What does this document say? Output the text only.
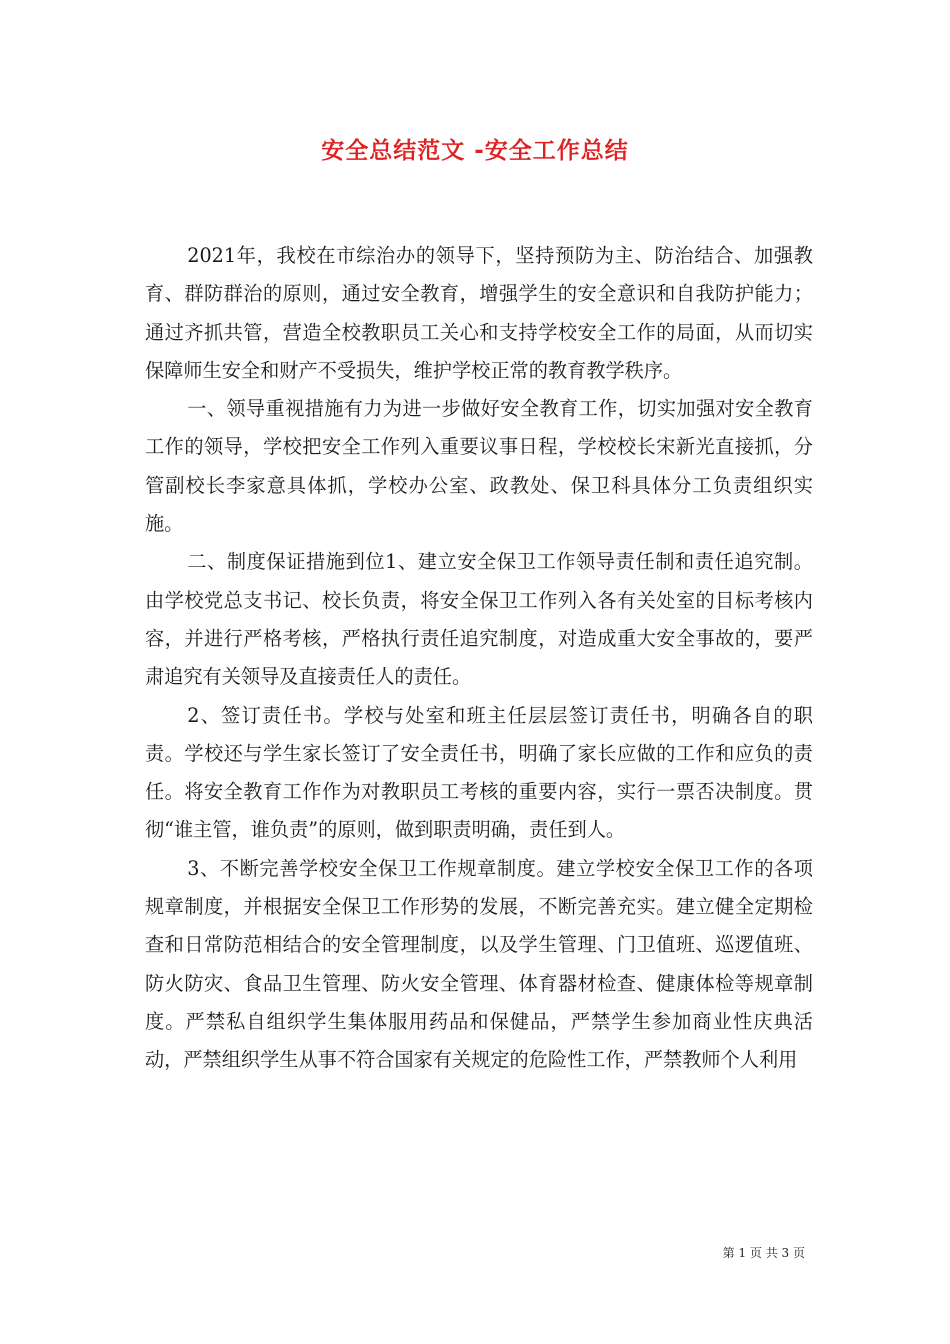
安全总结范文 -安全工作总结

2021年，我校在市综治办的领导下，坚持预防为主、防治结合、加强教育、群防群治的原则，通过安全教育，增强学生的安全意识和自我防护能力；通过齐抓共管，营造全校教职员工关心和支持学校安全工作的局面，从而切实保障师生安全和财产不受损失，维护学校正常的教育教学秩序。

一、领导重视措施有力为进一步做好安全教育工作，切实加强对安全教育工作的领导，学校把安全工作列入重要议事日程，学校校长宋新光直接抓，分管副校长李家意具体抓，学校办公室、政教处、保卫科具体分工负责组织实施。

二、制度保证措施到位1、建立安全保卫工作领导责任制和责任追究制。由学校党总支书记、校长负责，将安全保卫工作列入各有关处室的目标考核内容，并进行严格考核，严格执行责任追究制度，对造成重大安全事故的，要严肃追究有关领导及直接责任人的责任。

2、签订责任书。学校与处室和班主任层层签订责任书，明确各自的职责。学校还与学生家长签订了安全责任书，明确了家长应做的工作和应负的责任。将安全教育工作作为对教职员工考核的重要内容，实行一票否决制度。贯彻“谁主管，谁负责”的原则，做到职责明确，责任到人。

3、不断完善学校安全保卫工作规章制度。建立学校安全保卫工作的各项规章制度，并根据安全保卫工作形势的发展，不断完善充实。建立健全定期检查和日常防范相结合的安全管理制度，以及学生管理、门卫值班、巡逻值班、防火防灾、食品卫生管理、防火安全管理、体育器材检查、健康体检等规章制度。严禁私自组织学生集体服用药品和保健品，严禁学生参加商业性庆典活动，严禁组织学生从事不符合国家有关规定的危险性工作，严禁教师个人利用

第 1 页 共 3 页
